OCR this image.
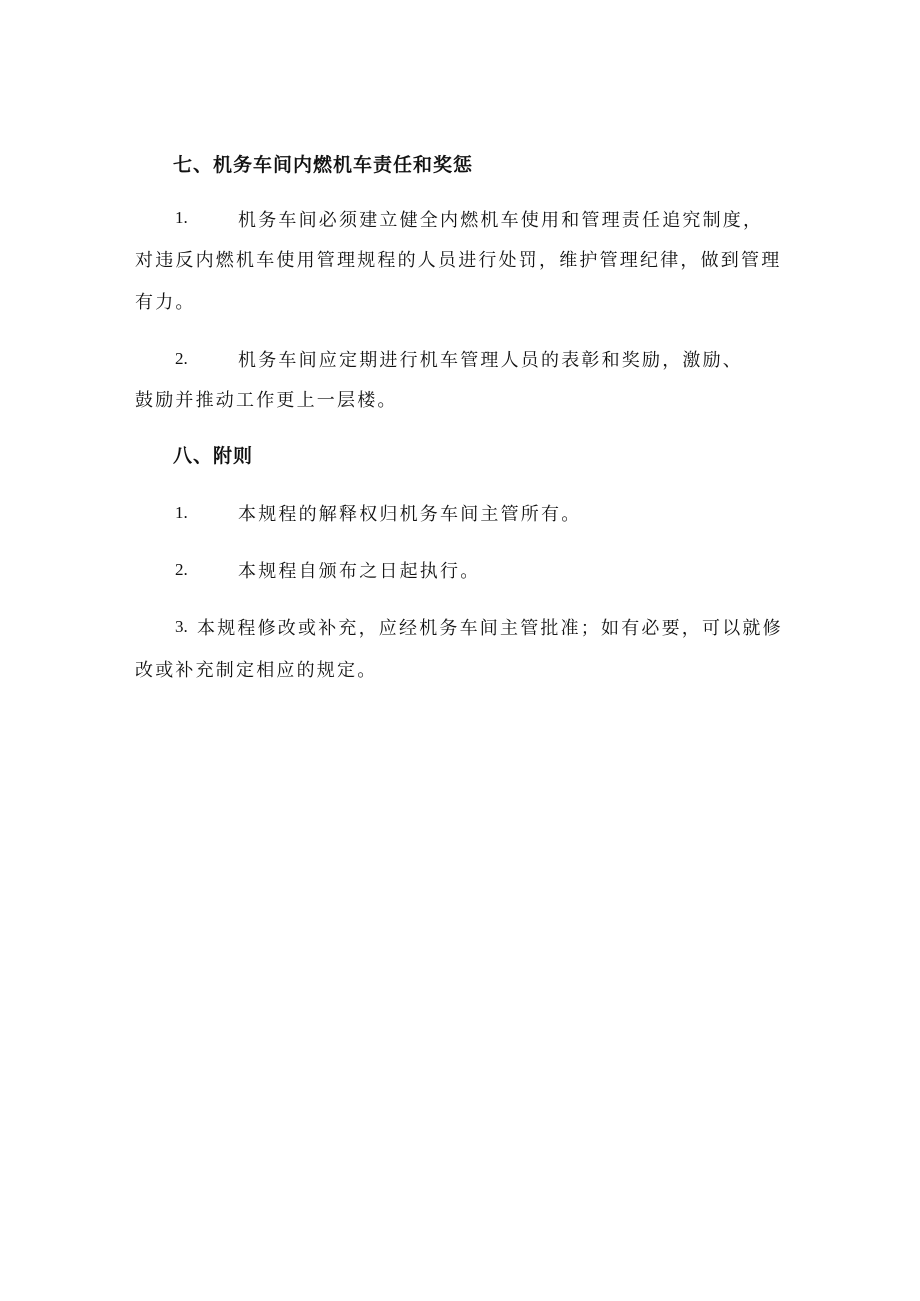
七、机务车间内燃机车责任和奖惩
1.	机务车间必须建立健全内燃机车使用和管理责任追究制度，
对违反内燃机车使用管理规程的人员进行处罚，维护管理纪律，做到管理
有力。
2.	机务车间应定期进行机车管理人员的表彰和奖励，激励、
鼓励并推动工作更上一层楼。
八、附则
1.	本规程的解释权归机务车间主管所有。
2.	本规程自颁布之日起执行。
3. 本规程修改或补充，应经机务车间主管批准；如有必要，可以就修
改或补充制定相应的规定。
